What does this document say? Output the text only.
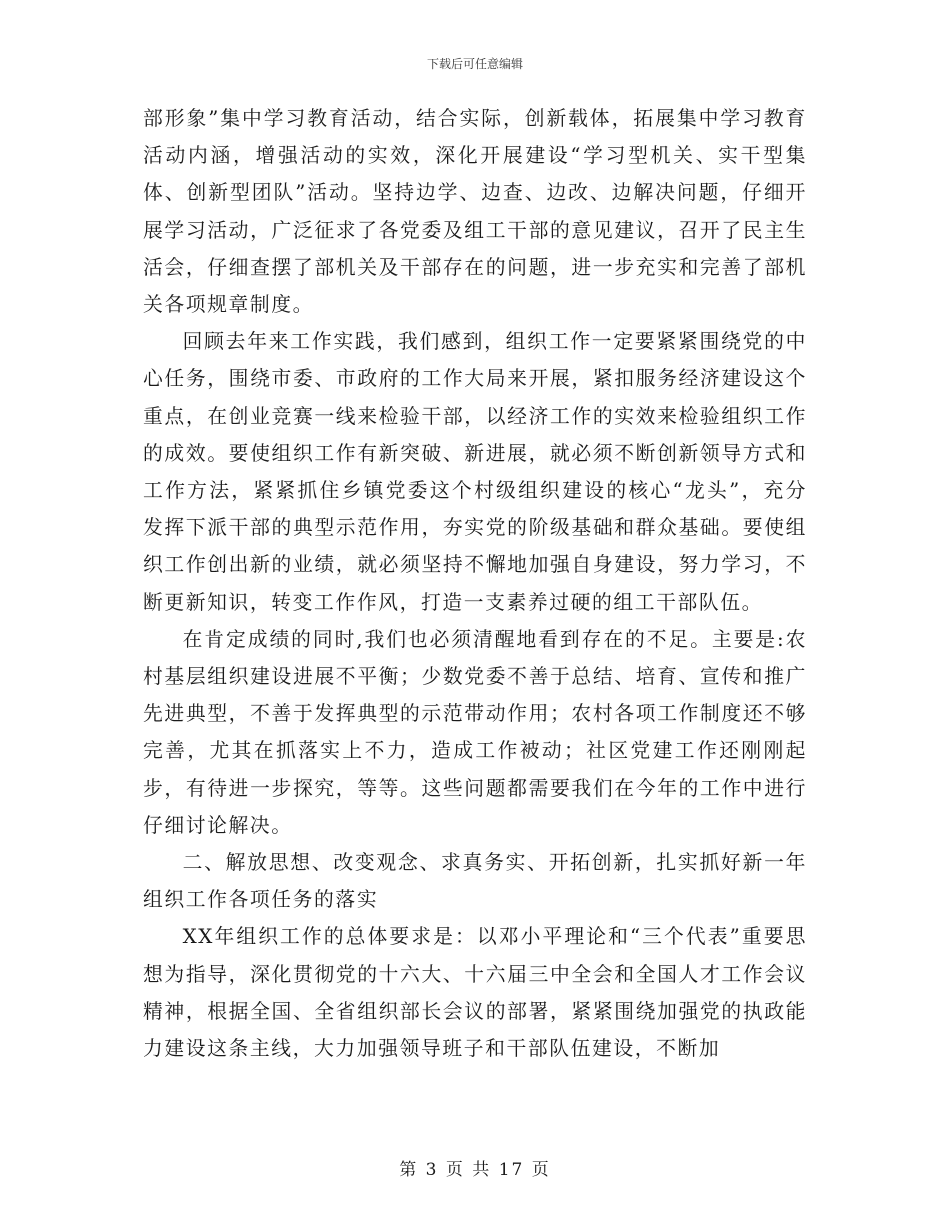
下载后可任意编辑

部形象”集中学习教育活动，结合实际，创新载体，拓展集中学习教育活动内涵，增强活动的实效，深化开展建设“学习型机关、实干型集体、创新型团队”活动。坚持边学、边查、边改、边解决问题，仔细开展学习活动，广泛征求了各党委及组工干部的意见建议，召开了民主生活会，仔细查摆了部机关及干部存在的问题，进一步充实和完善了部机关各项规章制度。

回顾去年来工作实践，我们感到，组织工作一定要紧紧围绕党的中心任务，围绕市委、市政府的工作大局来开展，紧扣服务经济建设这个重点，在创业竞赛一线来检验干部，以经济工作的实效来检验组织工作的成效。要使组织工作有新突破、新进展，就必须不断创新领导方式和工作方法，紧紧抓住乡镇党委这个村级组织建设的核心“龙头”，充分发挥下派干部的典型示范作用，夯实党的阶级基础和群众基础。要使组织工作创出新的业绩，就必须坚持不懈地加强自身建设，努力学习，不断更新知识，转变工作作风，打造一支素养过硬的组工干部队伍。

在肯定成绩的同时,我们也必须清醒地看到存在的不足。主要是:农村基层组织建设进展不平衡；少数党委不善于总结、培育、宣传和推广先进典型，不善于发挥典型的示范带动作用；农村各项工作制度还不够完善，尤其在抓落实上不力，造成工作被动；社区党建工作还刚刚起步，有待进一步探究，等等。这些问题都需要我们在今年的工作中进行仔细讨论解决。

二、解放思想、改变观念、求真务实、开拓创新，扎实抓好新一年组织工作各项任务的落实

XX年组织工作的总体要求是：以邓小平理论和“三个代表”重要思想为指导，深化贯彻党的十六大、十六届三中全会和全国人才工作会议精神，根据全国、全省组织部长会议的部署，紧紧围绕加强党的执政能力建设这条主线，大力加强领导班子和干部队伍建设，不断加

第 3 页 共 17 页
